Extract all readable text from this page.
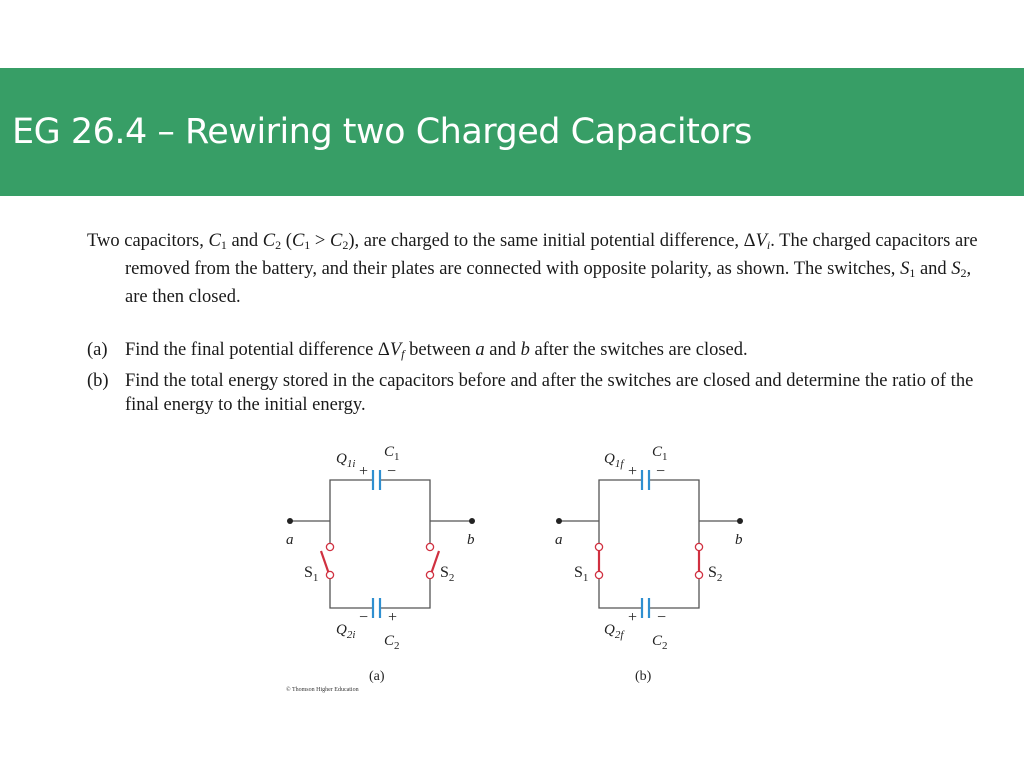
EG 26.4 – Rewiring two Charged Capacitors
Two capacitors, $C_1$ and $C_2$ $(C_1 > C_2)$, are charged to the same initial potential difference, $\Delta V_i$. The charged capacitors are removed from the battery, and their plates are connected with opposite polarity, as shown. The switches, $S_1$ and $S_2$, are then closed.
(a) Find the final potential difference $\Delta V_f$ between a and b after the switches are closed.
(b) Find the total energy stored in the capacitors before and after the switches are closed and determine the ratio of the final energy to the initial energy.
$Q_{1i}$
$C_1$
+ −
a	b
$S_1$	$S_2$
− +
$Q_{2i}$ $C_2$
(a)
© Thomson Higher Education
$Q_{1f}$
$C_1$
+ −
a	b
$S_1$	$S_2$
+ −
$Q_{2f}$ $C_2$
(b)
